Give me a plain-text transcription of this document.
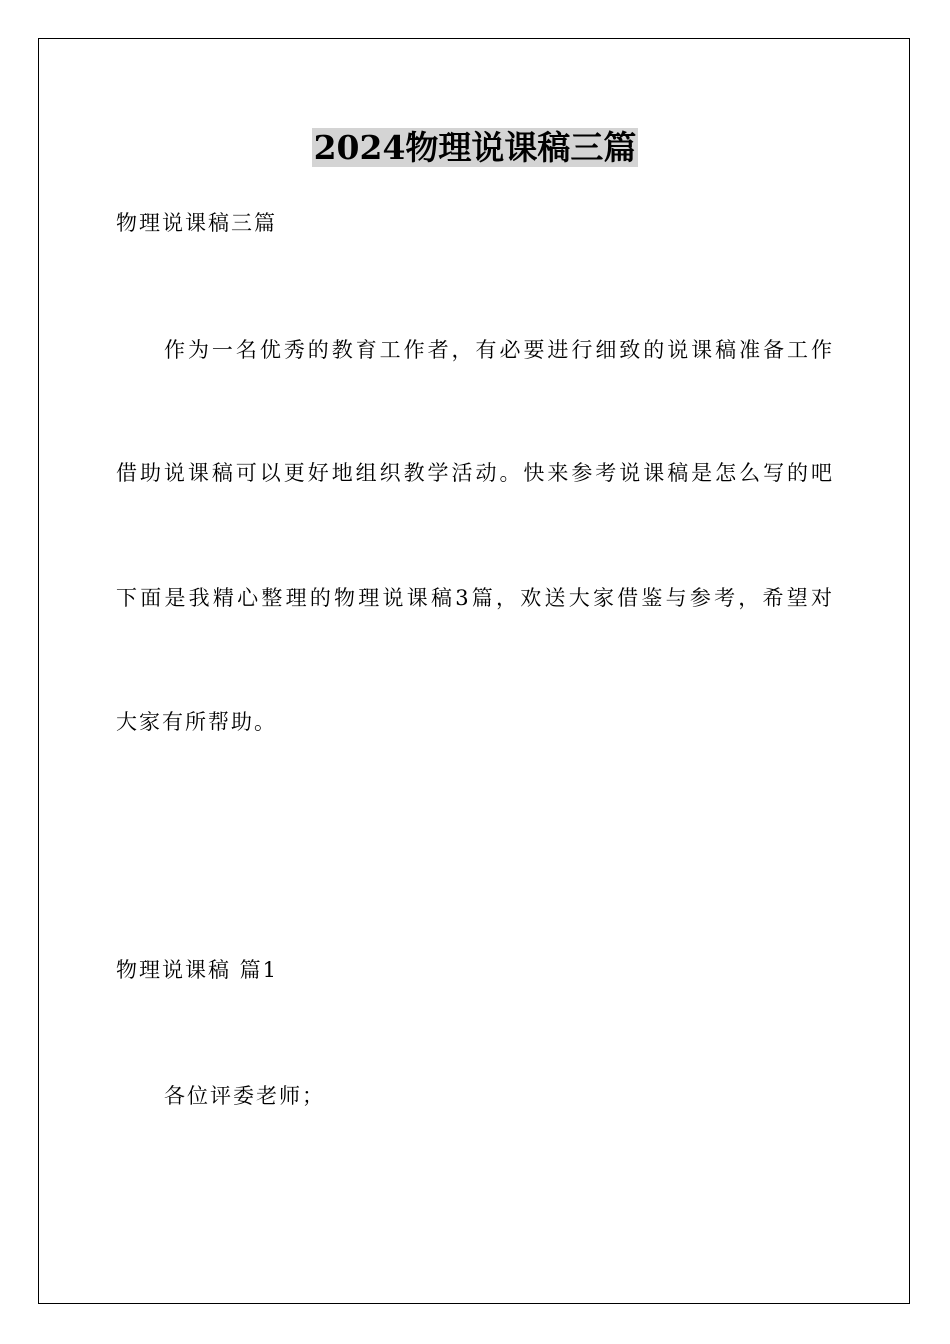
2024物理说课稿三篇
物理说课稿三篇
作为一名优秀的教育工作者，有必要进行细致的说课稿准备工作
借助说课稿可以更好地组织教学活动。快来参考说课稿是怎么写的吧
下面是我精心整理的物理说课稿3篇，欢送大家借鉴与参考，希望对
大家有所帮助。
物理说课稿 篇1
各位评委老师；
